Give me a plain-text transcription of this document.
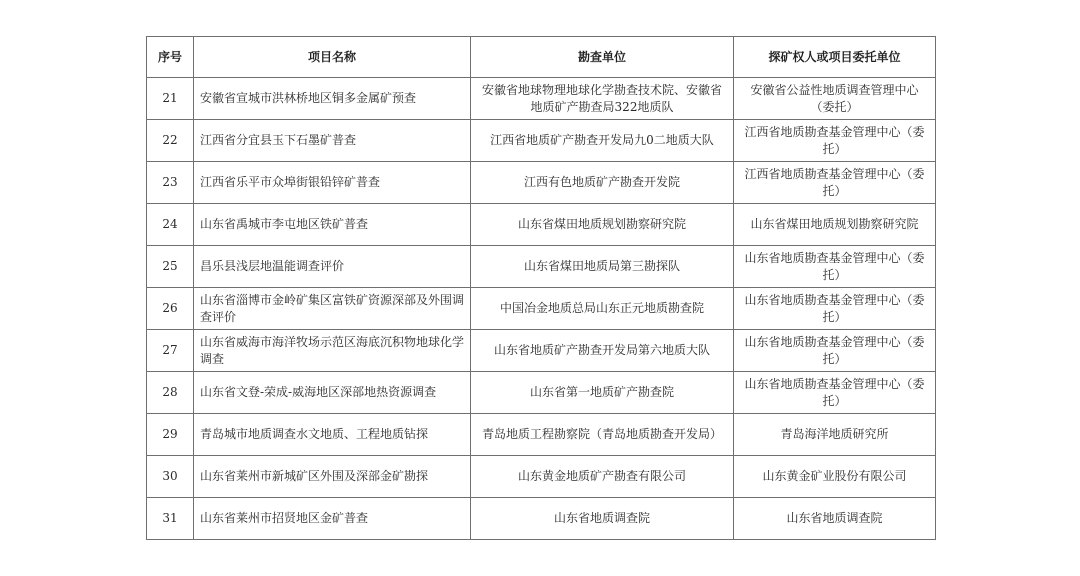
序号	项目名称	勘查单位	探矿权人或项目委托单位
21	安徽省宣城市洪林桥地区铜多金属矿预查	安徽省地球物理地球化学勘查技术院、安徽省地质矿产勘查局322地质队	安徽省公益性地质调查管理中心（委托）
22	江西省分宜县玉下石墨矿普查	江西省地质矿产勘查开发局九0二地质大队	江西省地质勘查基金管理中心（委托）
23	江西省乐平市众埠街银铅锌矿普查	江西有色地质矿产勘查开发院	江西省地质勘查基金管理中心（委托）
24	山东省禹城市李屯地区铁矿普查	山东省煤田地质规划勘察研究院	山东省煤田地质规划勘察研究院
25	昌乐县浅层地温能调查评价	山东省煤田地质局第三勘探队	山东省地质勘查基金管理中心（委托）
26	山东省淄博市金岭矿集区富铁矿资源深部及外围调查评价	中国冶金地质总局山东正元地质勘查院	山东省地质勘查基金管理中心（委托）
27	山东省威海市海洋牧场示范区海底沉积物地球化学调查	山东省地质矿产勘查开发局第六地质大队	山东省地质勘查基金管理中心（委托）
28	山东省文登-荣成-威海地区深部地热资源调查	山东省第一地质矿产勘查院	山东省地质勘查基金管理中心（委托）
29	青岛城市地质调查水文地质、工程地质钻探	青岛地质工程勘察院（青岛地质勘查开发局）	青岛海洋地质研究所
30	山东省莱州市新城矿区外围及深部金矿勘探	山东黄金地质矿产勘查有限公司	山东黄金矿业股份有限公司
31	山东省莱州市招贤地区金矿普查	山东省地质调查院	山东省地质调查院
